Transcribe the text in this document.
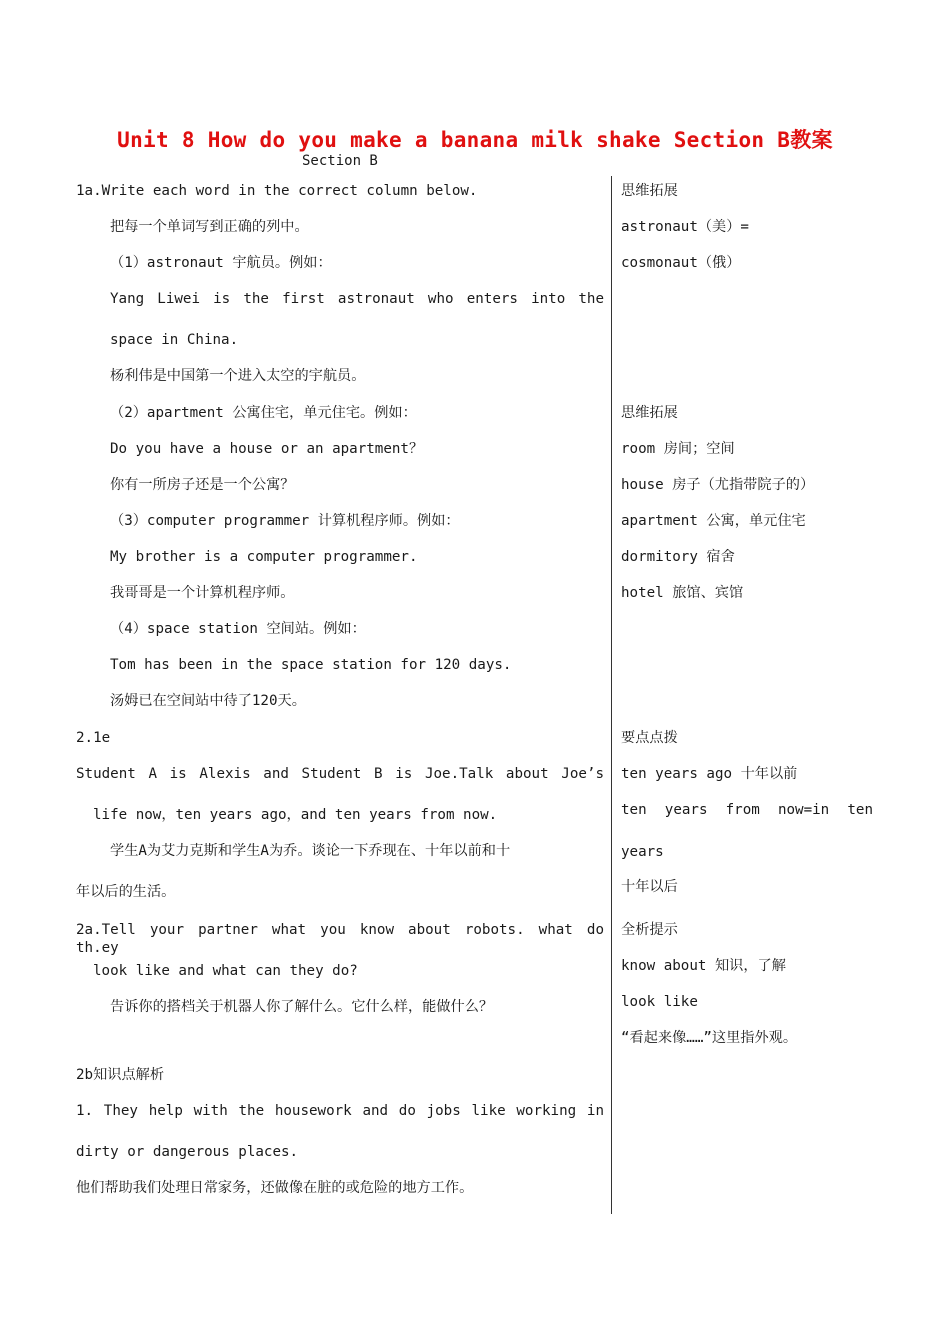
Unit 8 How do you make a banana milk shake Section B教案
Section B
1a.Write each word in the correct column below.
把每一个单词写到正确的列中。
（1）astronaut 宇航员。例如：
Yang Liwei is the first astronaut who enters into the
space in China.
杨利伟是中国第一个进入太空的宇航员。
（2）apartment 公寓住宅，单元住宅。例如：
Do you have a house or an apartment？
你有一所房子还是一个公寓？
（3）computer programmer 计算机程序师。例如：
My brother is a computer programmer.
我哥哥是一个计算机程序师。
（4）space station 空间站。例如：
Tom has been in the space station for 120 days.
汤姆已在空间站中待了120天。
2.1e
Student A is Alexis and Student B is Joe.Talk about Joe’s
life now，ten years ago，and ten years from now.
学生A为艾力克斯和学生A为乔。谈论一下乔现在、十年以前和十
年以后的生活。
2a.Tell your partner what you know about robots. what do th.ey
look like and what can they do?
告诉你的搭档关于机器人你了解什么。它什么样，能做什么？
2b知识点解析
1. They help with the housework and do jobs like working in
dirty or dangerous places.
他们帮助我们处理日常家务，还做像在脏的或危险的地方工作。
思维拓展
astronaut（美）=
cosmonaut（俄）
思维拓展
room 房间；空间
house 房子（尤指带院子的）
apartment 公寓，单元住宅
dormitory 宿舍
hotel 旅馆、宾馆
要点点拨
ten years ago 十年以前
ten years from now=in ten
years
十年以后
全析提示
know about 知识，了解
look like
“看起来像……”这里指外观。
